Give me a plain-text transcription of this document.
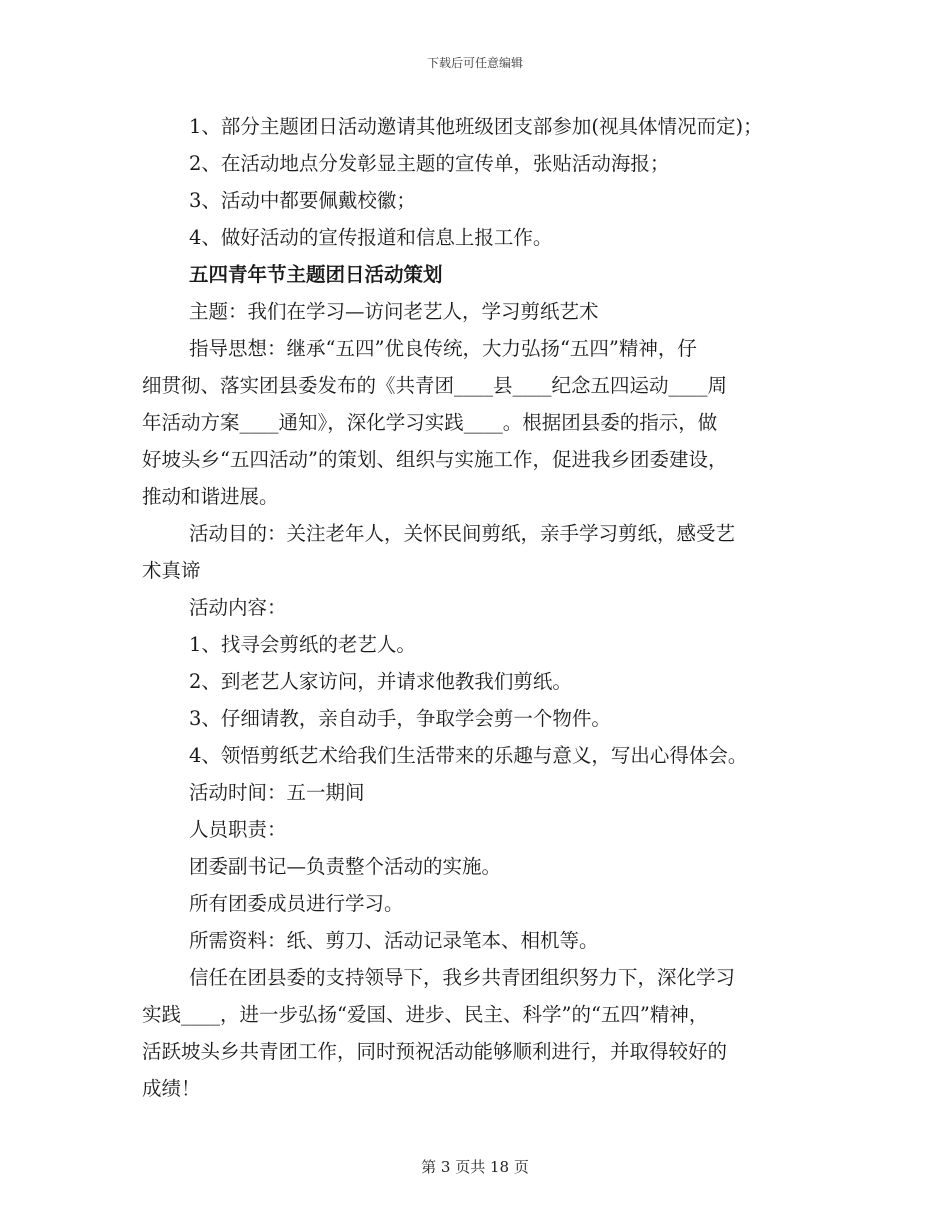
下载后可任意编辑
1、部分主题团日活动邀请其他班级团支部参加(视具体情况而定)；
2、在活动地点分发彰显主题的宣传单，张贴活动海报；
3、活动中都要佩戴校徽；
4、做好活动的宣传报道和信息上报工作。
五四青年节主题团日活动策划
主题：我们在学习—访问老艺人，学习剪纸艺术
指导思想：继承“五四”优良传统，大力弘扬“五四”精神，仔
细贯彻、落实团县委发布的《共青团____县____纪念五四运动____周
年活动方案____通知》，深化学习实践____。根据团县委的指示，做
好坡头乡“五四活动”的策划、组织与实施工作，促进我乡团委建设，
推动和谐进展。
活动目的：关注老年人，关怀民间剪纸，亲手学习剪纸，感受艺
术真谛
活动内容：
1、找寻会剪纸的老艺人。
2、到老艺人家访问，并请求他教我们剪纸。
3、仔细请教，亲自动手，争取学会剪一个物件。
4、领悟剪纸艺术给我们生活带来的乐趣与意义，写出心得体会。
活动时间：五一期间
人员职责：
团委副书记—负责整个活动的实施。
所有团委成员进行学习。
所需资料：纸、剪刀、活动记录笔本、相机等。
信任在团县委的支持领导下，我乡共青团组织努力下，深化学习
实践____，进一步弘扬“爱国、进步、民主、科学”的“五四”精神，
活跃坡头乡共青团工作，同时预祝活动能够顺利进行，并取得较好的
成绩！
第 3 页共 18 页
